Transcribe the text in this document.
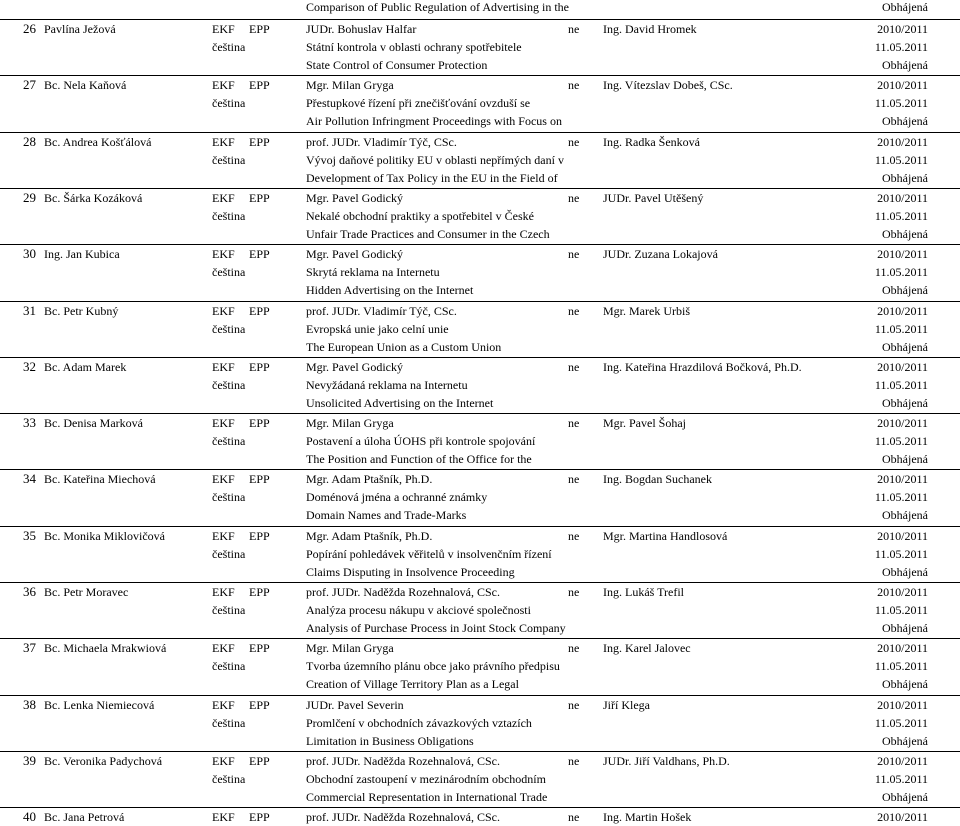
Comparison of Public Regulation of Advertising in the	Obhájená
26 Pavlína Ježová	EKF EPP	JUDr. Bohuslav Halfar	ne Ing. David Hromek	2010/2011
čeština	Státní kontrola v oblasti ochrany spotřebitele	11.05.2011
State Control of Consumer Protection	Obhájená
27 Bc. Nela Kaňová	EKF EPP	Mgr. Milan Gryga	ne Ing. Vítezslav Dobeš, CSc.	2010/2011
čeština	Přestupkové řízení při znečišťování ovzduší se	11.05.2011
Air Pollution Infringment Proceedings with Focus on	Obhájená
28 Bc. Andrea Košťálová	EKF EPP	prof. JUDr. Vladimír Týč, CSc.	ne Ing. Radka Šenková	2010/2011
čeština	Vývoj daňové politiky EU v oblasti nepřímých daní v	11.05.2011
Development of Tax Policy in the EU in the Field of	Obhájená
29 Bc. Šárka Kozáková	EKF EPP	Mgr. Pavel Godický	ne JUDr. Pavel Utěšený	2010/2011
čeština	Nekalé obchodní praktiky a spotřebitel v České	11.05.2011
Unfair Trade Practices and Consumer in the Czech	Obhájená
30 Ing. Jan Kubica	EKF EPP	Mgr. Pavel Godický	ne JUDr. Zuzana Lokajová	2010/2011
čeština	Skrytá reklama na Internetu	11.05.2011
Hidden Advertising on the Internet	Obhájená
31 Bc. Petr Kubný	EKF EPP	prof. JUDr. Vladimír Týč, CSc.	ne Mgr. Marek Urbiš	2010/2011
čeština	Evropská unie jako celní unie	11.05.2011
The European Union as a Custom Union	Obhájená
32 Bc. Adam Marek	EKF EPP	Mgr. Pavel Godický	ne Ing. Kateřina Hrazdilová Bočková, Ph.D.	2010/2011
čeština	Nevyžádaná reklama na Internetu	11.05.2011
Unsolicited Advertising on the Internet	Obhájená
33 Bc. Denisa Marková	EKF EPP	Mgr. Milan Gryga	ne Mgr. Pavel Šohaj	2010/2011
čeština	Postavení a úloha ÚOHS při kontrole spojování	11.05.2011
The Position and Function of the Office for the	Obhájená
34 Bc. Kateřina Miechová	EKF EPP	Mgr. Adam Ptašník, Ph.D.	ne Ing. Bogdan Suchanek	2010/2011
čeština	Doménová jména a ochranné známky	11.05.2011
Domain Names and Trade-Marks	Obhájená
35 Bc. Monika Miklovičová	EKF EPP	Mgr. Adam Ptašník, Ph.D.	ne Mgr. Martina Handlosová	2010/2011
čeština	Popírání pohledávek věřitelů v insolvenčním řízení	11.05.2011
Claims Disputing in Insolvence Proceeding	Obhájená
36 Bc. Petr Moravec	EKF EPP	prof. JUDr. Naděžda Rozehnalová, CSc.	ne Ing. Lukáš Trefil	2010/2011
čeština	Analýza procesu nákupu v akciové společnosti	11.05.2011
Analysis of Purchase Process in Joint Stock Company	Obhájená
37 Bc. Michaela Mrakwiová	EKF EPP	Mgr. Milan Gryga	ne Ing. Karel Jalovec	2010/2011
čeština	Tvorba územního plánu obce jako právního předpisu	11.05.2011
Creation of Village Territory Plan as a Legal	Obhájená
38 Bc. Lenka Niemiecová	EKF EPP	JUDr. Pavel Severin	ne Jiří Klega	2010/2011
čeština	Promlčení v obchodních závazkových vztazích	11.05.2011
Limitation in Business Obligations	Obhájená
39 Bc. Veronika Padychová	EKF EPP	prof. JUDr. Naděžda Rozehnalová, CSc.	ne JUDr. Jiří Valdhans, Ph.D.	2010/2011
čeština	Obchodní zastoupení v mezinárodním obchodním	11.05.2011
Commercial Representation in International Trade	Obhájená
40 Bc. Jana Petrová	EKF EPP	prof. JUDr. Naděžda Rozehnalová, CSc.	ne Ing. Martin Hošek	2010/2011
